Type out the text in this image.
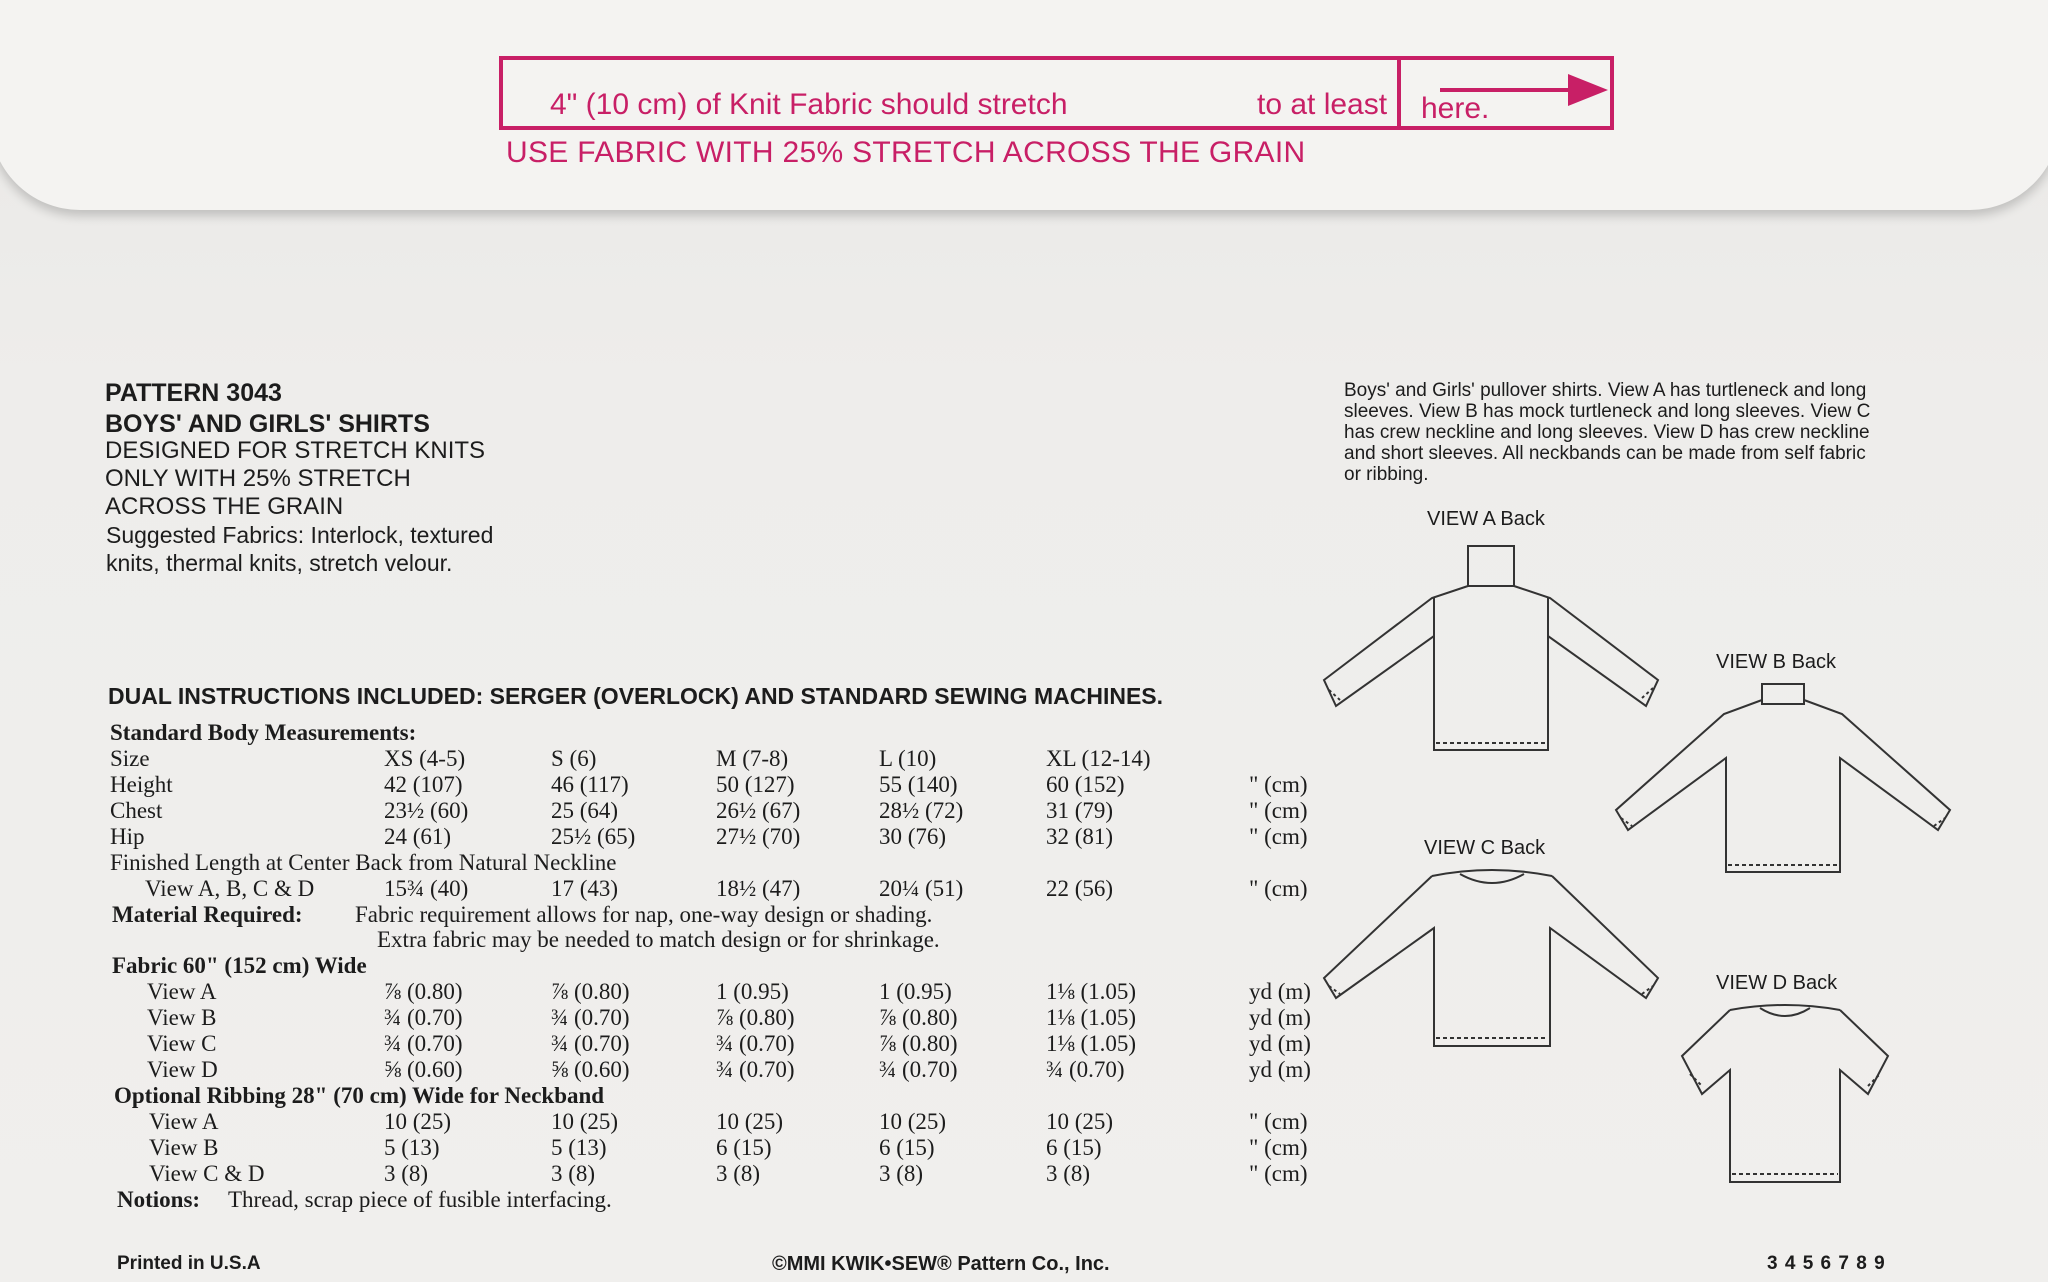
4" (10 cm) of Knit Fabric should stretch	to at least here.
USE FABRIC WITH 25% STRETCH ACROSS THE GRAIN
PATTERN 3043
BOYS' AND GIRLS' SHIRTS
DESIGNED FOR STRETCH KNITS
ONLY WITH 25% STRETCH
ACROSS THE GRAIN
Suggested Fabrics: Interlock, textured
knits, thermal knits, stretch velour.
Boys' and Girls' pullover shirts. View A has turtleneck and long
sleeves. View B has mock turtleneck and long sleeves. View C
has crew neckline and long sleeves. View D has crew neckline
and short sleeves. All neckbands can be made from self fabric
or ribbing.
DUAL INSTRUCTIONS INCLUDED: SERGER (OVERLOCK) AND STANDARD SEWING MACHINES.
Standard Body Measurements:
Size	XS (4-5)	S (6)	M (7-8)	L (10)	XL (12-14)
Height	42 (107)	46 (117)	50 (127)	55 (140)	60 (152)	" (cm)
Chest	23½ (60)	25 (64)	26½ (67)	28½ (72)	31 (79)	" (cm)
Hip	24 (61)	25½ (65)	27½ (70)	30 (76)	32 (81)	" (cm)
Finished Length at Center Back from Natural Neckline
View A, B, C & D	15¾ (40)	17 (43)	18½ (47)	20¼ (51)	22 (56)	" (cm)
Material Required: Fabric requirement allows for nap, one-way design or shading.
Extra fabric may be needed to match design or for shrinkage.
Fabric 60" (152 cm) Wide
View A	⅞ (0.80)	⅞ (0.80)	1 (0.95)	1 (0.95)	1⅛ (1.05)	yd (m)
View B	¾ (0.70)	¾ (0.70)	⅞ (0.80)	⅞ (0.80)	1⅛ (1.05)	yd (m)
View C	¾ (0.70)	¾ (0.70)	¾ (0.70)	⅞ (0.80)	1⅛ (1.05)	yd (m)
View D	⅝ (0.60)	⅝ (0.60)	¾ (0.70)	¾ (0.70)	¾ (0.70)	yd (m)
Optional Ribbing 28" (70 cm) Wide for Neckband
View A	10 (25)	10 (25)	10 (25)	10 (25)	10 (25)	" (cm)
View B	5 (13)	5 (13)	6 (15)	6 (15)	6 (15)	" (cm)
View C & D	3 (8)	3 (8)	3 (8)	3 (8)	3 (8)	" (cm)
Notions: Thread, scrap piece of fusible interfacing.
VIEW A Back
VIEW B Back
VIEW C Back
VIEW D Back
Printed in U.S.A	©MMI KWIK•SEW® Pattern Co., Inc.	3 4 5 6 7 8 9
